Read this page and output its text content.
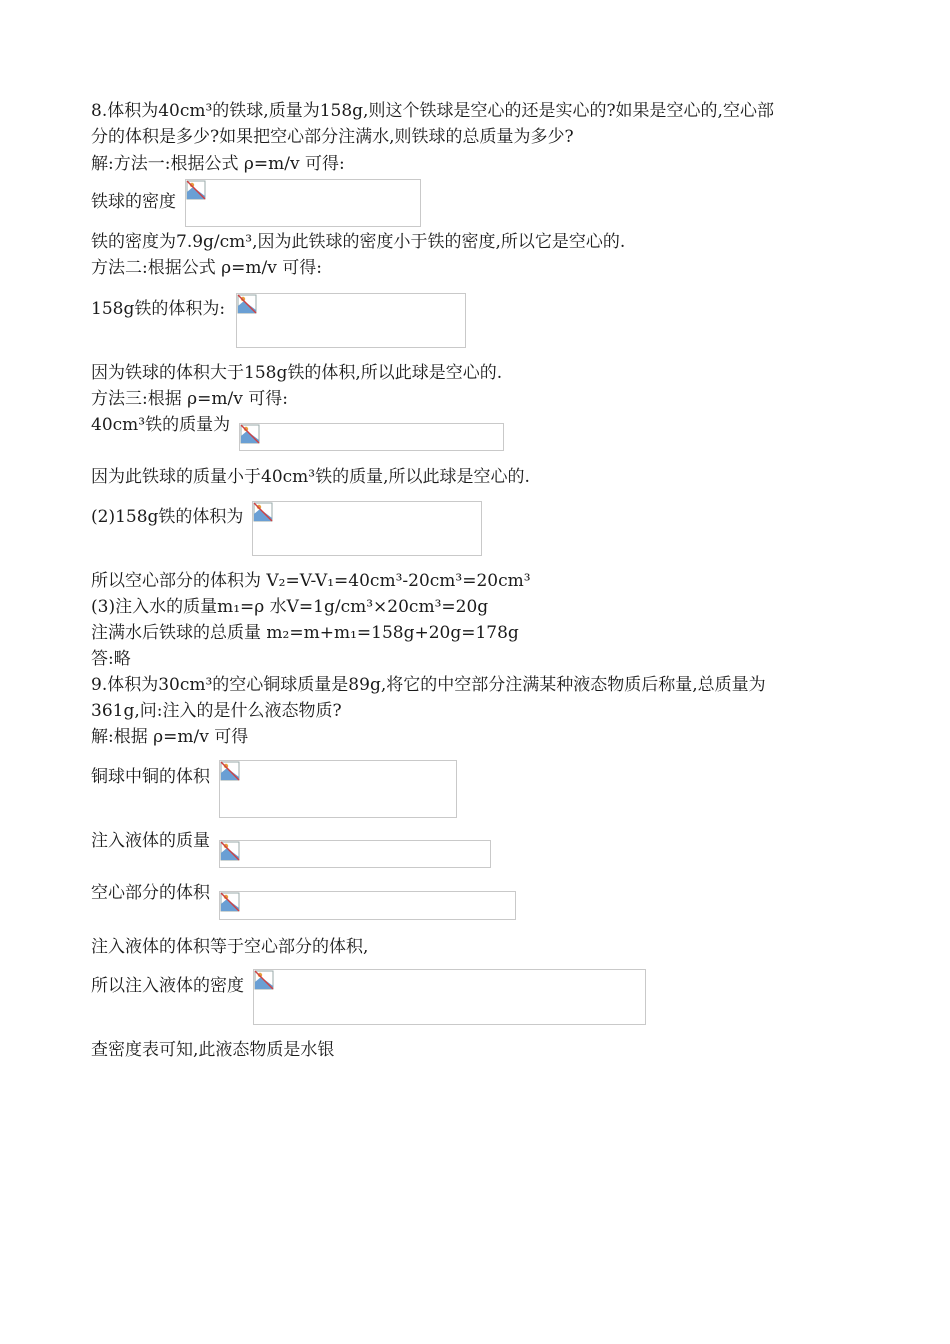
8.体积为40cm³的铁球,质量为158g,则这个铁球是空心的还是实心的?如果是空心的,空心部
分的体积是多少?如果把空心部分注满水,则铁球的总质量为多少?
解:方法一:根据公式 ρ=m/v 可得:
铁球的密度
铁的密度为7.9g/cm³,因为此铁球的密度小于铁的密度,所以它是空心的.
方法二:根据公式 ρ=m/v 可得:
158g铁的体积为:
因为铁球的体积大于158g铁的体积,所以此球是空心的.
方法三:根据 ρ=m/v 可得:
40cm³铁的质量为
因为此铁球的质量小于40cm³铁的质量,所以此球是空心的.
(2)158g铁的体积为
所以空心部分的体积为 V₂=V-V₁=40cm³-20cm³=20cm³
(3)注入水的质量m₁=ρ 水V=1g/cm³×20cm³=20g
注满水后铁球的总质量 m₂=m+m₁=158g+20g=178g
答:略
9.体积为30cm³的空心铜球质量是89g,将它的中空部分注满某种液态物质后称量,总质量为
361g,问:注入的是什么液态物质?
解:根据 ρ=m/v 可得
铜球中铜的体积
注入液体的质量
空心部分的体积
注入液体的体积等于空心部分的体积,
所以注入液体的密度
查密度表可知,此液态物质是水银
